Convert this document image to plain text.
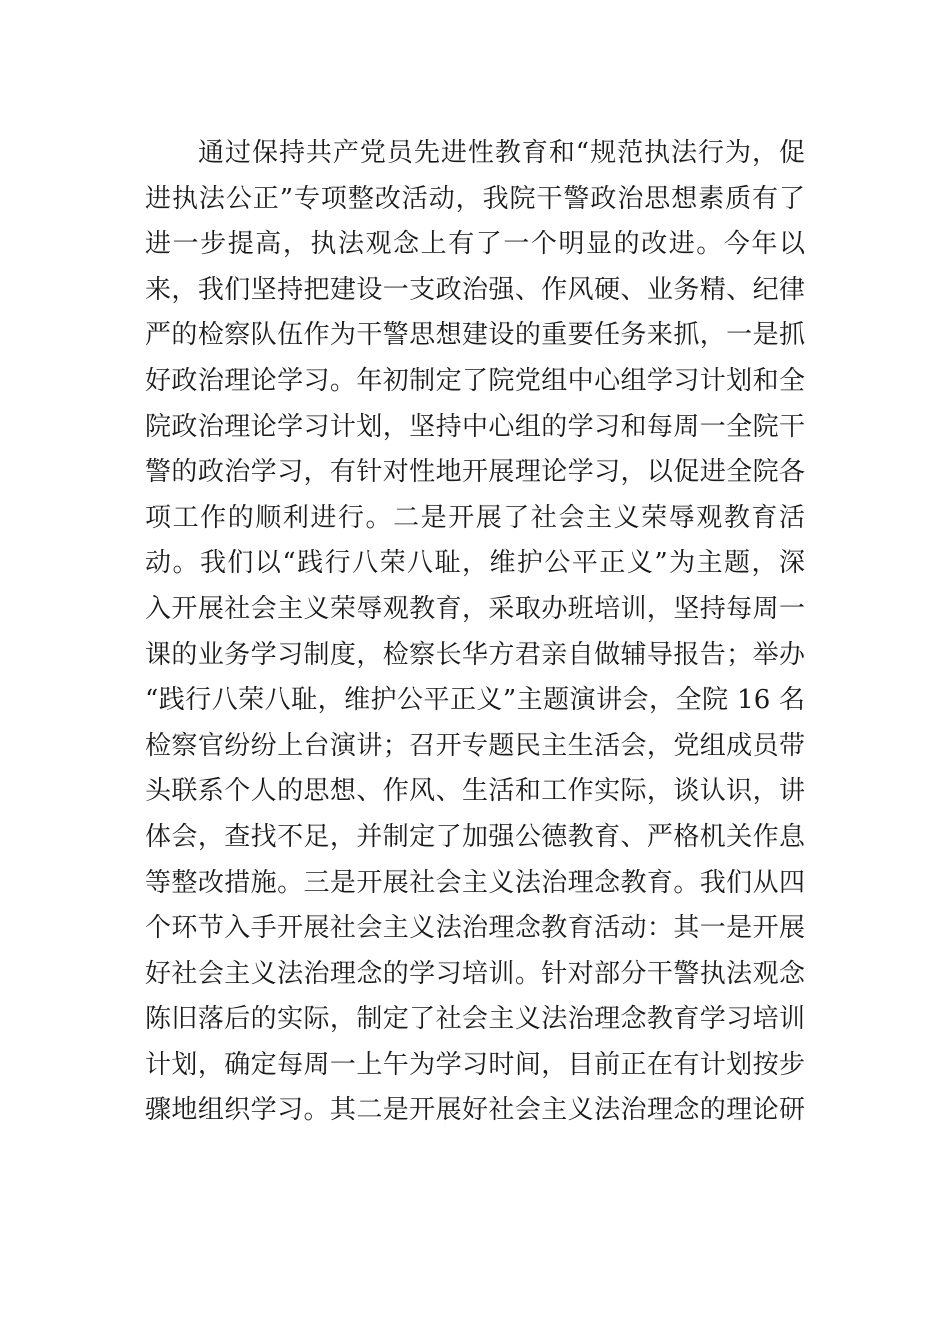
通过保持共产党员先进性教育和“规范执法行为，促
进执法公正”专项整改活动，我院干警政治思想素质有了
进一步提高，执法观念上有了一个明显的改进。今年以
来，我们坚持把建设一支政治强、作风硬、业务精、纪律
严的检察队伍作为干警思想建设的重要任务来抓，一是抓
好政治理论学习。年初制定了院党组中心组学习计划和全
院政治理论学习计划，坚持中心组的学习和每周一全院干
警的政治学习，有针对性地开展理论学习，以促进全院各
项工作的顺利进行。二是开展了社会主义荣辱观教育活
动。我们以“践行八荣八耻，维护公平正义”为主题，深
入开展社会主义荣辱观教育，采取办班培训，坚持每周一
课的业务学习制度，检察长华方君亲自做辅导报告；举办
“践行八荣八耻，维护公平正义”主题演讲会，全院 16 名
检察官纷纷上台演讲；召开专题民主生活会，党组成员带
头联系个人的思想、作风、生活和工作实际，谈认识，讲
体会，查找不足，并制定了加强公德教育、严格机关作息
等整改措施。三是开展社会主义法治理念教育。我们从四
个环节入手开展社会主义法治理念教育活动：其一是开展
好社会主义法治理念的学习培训。针对部分干警执法观念
陈旧落后的实际，制定了社会主义法治理念教育学习培训
计划，确定每周一上午为学习时间，目前正在有计划按步
骤地组织学习。其二是开展好社会主义法治理念的理论研
